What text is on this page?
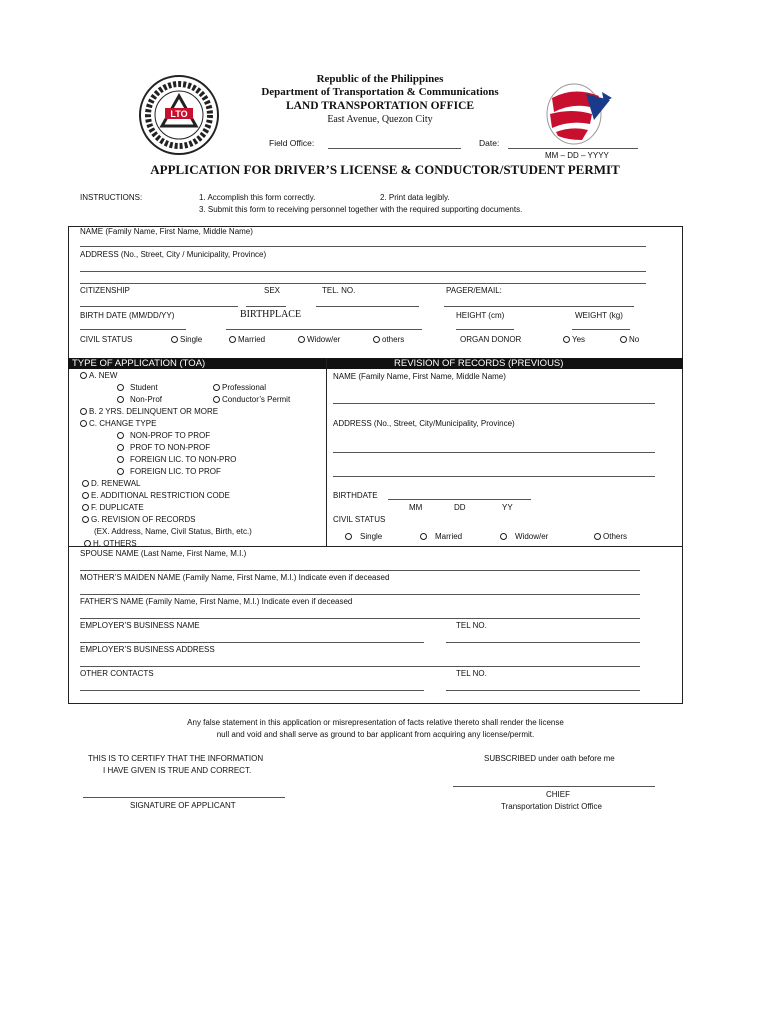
LTO
Republic of the Philippines
Department of Transportation & Communications
LAND TRANSPORTATION OFFICE
East Avenue, Quezon City
Field Office:	Date:
MM – DD – YYYY
APPLICATION FOR DRIVER’S LICENSE & CONDUCTOR/STUDENT PERMIT
INSTRUCTIONS:	1. Accomplish this form correctly.	2. Print data legibly.
3. Submit this form to receiving personnel together with the required supporting documents.
NAME (Family Name, First Name, Middle Name)
ADDRESS (No., Street, City / Municipality, Province)
CITIZENSHIP	SEX	TEL. NO.	PAGER/EMAIL:
BIRTH DATE (MM/DD/YY)	BIRTHPLACE	HEIGHT (cm)	WEIGHT (kg)
CIVIL STATUS	Single	Married	Widow/er	others	ORGAN DONOR	Yes	No
TYPE OF APPLICATION (TOA)	REVISION OF RECORDS (PREVIOUS)
A. NEW
Student	Professional
Non-Prof	Conductor’s Permit
B. 2 YRS. DELINQUENT OR MORE
C. CHANGE TYPE
NON-PROF TO PROF
PROF TO NON-PROF
FOREIGN LIC. TO NON-PRO
FOREIGN LIC. TO PROF
D. RENEWAL
E. ADDITIONAL RESTRICTION CODE
F. DUPLICATE
G. REVISION OF RECORDS
(EX. Address, Name, Civil Status, Birth, etc.)
H. OTHERS
NAME (Family Name, First Name, Middle Name)
ADDRESS (No., Street, City/Municipality, Province)
BIRTHDATE
MM	DD	YY
CIVIL STATUS
Single	Married	Widow/er	Others
SPOUSE NAME (Last Name, First Name, M.I.)
MOTHER’S MAIDEN NAME (Family Name, First Name, M.I.) Indicate even if deceased
FATHER’S NAME (Family Name, First Name, M.I.) Indicate even if deceased
EMPLOYER’S BUSINESS NAME	TEL NO.
EMPLOYER’S BUSINESS ADDRESS
OTHER CONTACTS	TEL NO.
Any false statement in this application or misrepresentation of facts relative thereto shall render the license
null and void and shall serve as ground to bar applicant from acquiring any license/permit.
THIS IS TO CERTIFY THAT THE INFORMATION
I HAVE GIVEN IS TRUE AND CORRECT.
SUBSCRIBED under oath before me
CHIEF
Transportation District Office
SIGNATURE OF APPLICANT
